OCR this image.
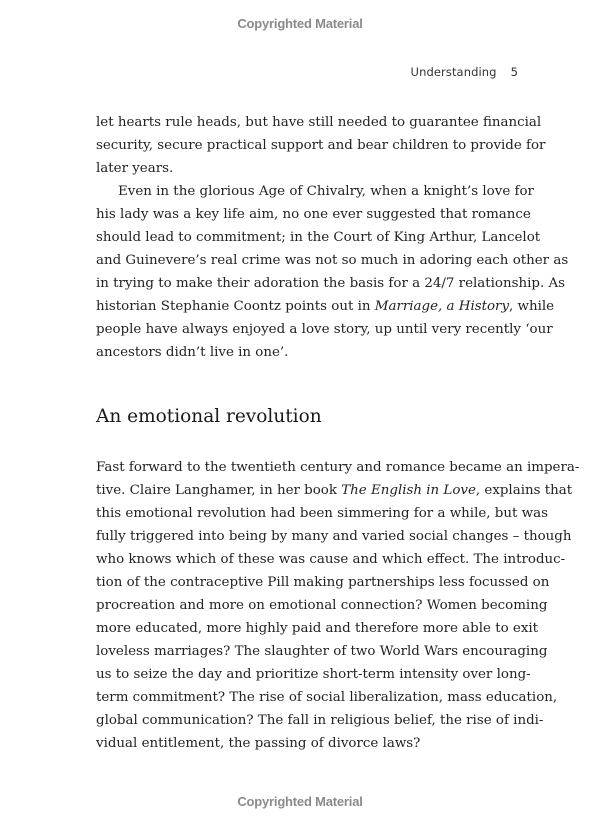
Copyrighted Material
Understanding 5
let hearts rule heads, but have still needed to guarantee financial
security, secure practical support and bear children to provide for
later years.
Even in the glorious Age of Chivalry, when a knight’s love for
his lady was a key life aim, no one ever suggested that romance
should lead to commitment; in the Court of King Arthur, Lancelot
and Guinevere’s real crime was not so much in adoring each other as
in trying to make their adoration the basis for a 24/7 relationship. As
historian Stephanie Coontz points out in Marriage, a History, while
people have always enjoyed a love story, up until very recently ‘our
ancestors didn’t live in one’.
An emotional revolution
Fast forward to the twentieth century and romance became an impera-
tive. Claire Langhamer, in her book The English in Love, explains that
this emotional revolution had been simmering for a while, but was
fully triggered into being by many and varied social changes – though
who knows which of these was cause and which effect. The introduc-
tion of the contraceptive Pill making partnerships less focussed on
procreation and more on emotional connection? Women becoming
more educated, more highly paid and therefore more able to exit
loveless marriages? The slaughter of two World Wars encouraging
us to seize the day and prioritize short-term intensity over long-
term commitment? The rise of social liberalization, mass education,
global communication? The fall in religious belief, the rise of indi-
vidual entitlement, the passing of divorce laws?
Copyrighted Material
